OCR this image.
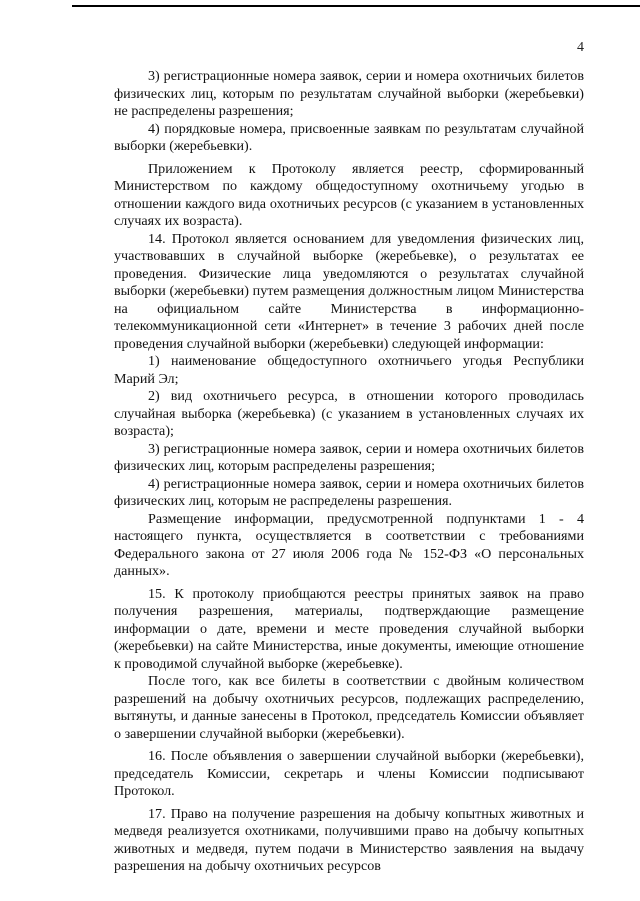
4

3) регистрационные номера заявок, серии и номера охотничьих билетов физических лиц, которым по результатам случайной выборки (жеребьевки) не распределены разрешения;

4) порядковые номера, присвоенные заявкам по результатам случайной выборки (жеребьевки).

Приложением к Протоколу является реестр, сформированный Министерством по каждому общедоступному охотничьему угодью в отношении каждого вида охотничьих ресурсов (с указанием в установленных случаях их возраста).

14. Протокол является основанием для уведомления физических лиц, участвовавших в случайной выборке (жеребьевке), о результатах ее проведения. Физические лица уведомляются о результатах случайной выборки (жеребьевки) путем размещения должностным лицом Министерства на официальном сайте Министерства в информационно-телекоммуникационной сети «Интернет» в течение 3 рабочих дней после проведения случайной выборки (жеребьевки) следующей информации:

1) наименование общедоступного охотничьего угодья Республики Марий Эл;

2) вид охотничьего ресурса, в отношении которого проводилась случайная выборка (жеребьевка) (с указанием в установленных случаях их возраста);

3) регистрационные номера заявок, серии и номера охотничьих билетов физических лиц, которым распределены разрешения;

4) регистрационные номера заявок, серии и номера охотничьих билетов физических лиц, которым не распределены разрешения.

Размещение информации, предусмотренной подпунктами 1 - 4 настоящего пункта, осуществляется в соответствии с требованиями Федерального закона от 27 июля 2006 года № 152-ФЗ «О персональных данных».

15. К протоколу приобщаются реестры принятых заявок на право получения разрешения, материалы, подтверждающие размещение информации о дате, времени и месте проведения случайной выборки (жеребьевки) на сайте Министерства, иные документы, имеющие отношение к проводимой случайной выборке (жеребьевке).

После того, как все билеты в соответствии с двойным количеством разрешений на добычу охотничьих ресурсов, подлежащих распределению, вытянуты, и данные занесены в Протокол, председатель Комиссии объявляет о завершении случайной выборки (жеребьевки).

16. После объявления о завершении случайной выборки (жеребьевки), председатель Комиссии, секретарь и члены Комиссии подписывают Протокол.

17. Право на получение разрешения на добычу копытных животных и медведя реализуется охотниками, получившими право на добычу копытных животных и медведя, путем подачи в Министерство заявления на выдачу разрешения на добычу охотничьих ресурсов
